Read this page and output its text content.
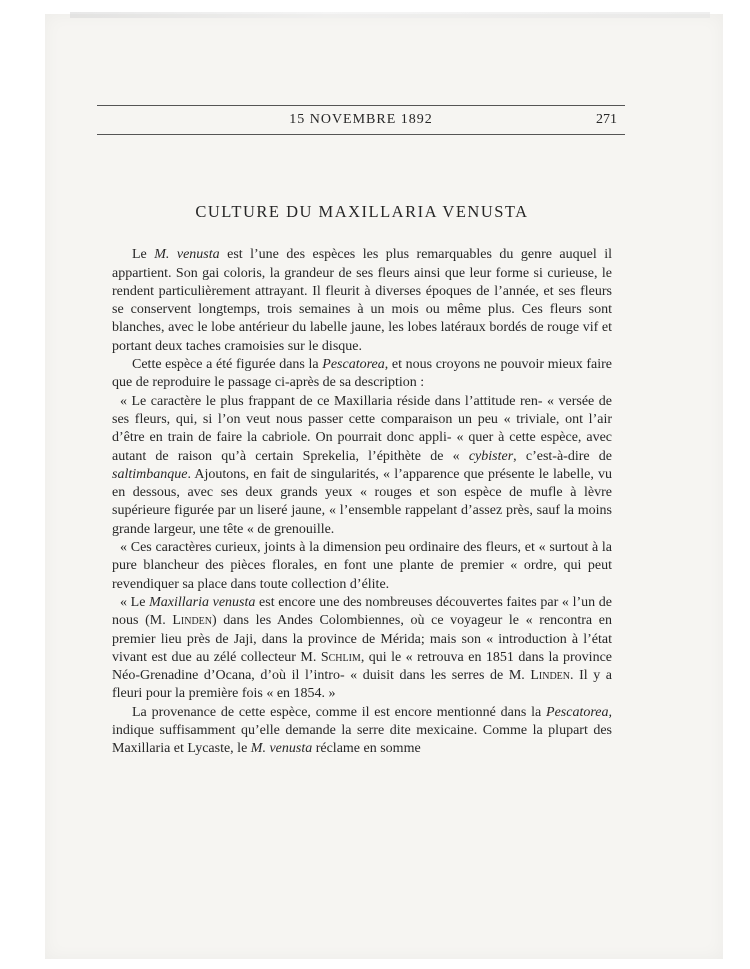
15 NOVEMBRE 1892	271
CULTURE DU MAXILLARIA VENUSTA

Le M. venusta est l’une des espèces les plus remarquables du genre auquel il appartient. Son gai coloris, la grandeur de ses fleurs ainsi que leur forme si curieuse, le rendent particulièrement attrayant. Il fleurit à diverses époques de l’année, et ses fleurs se conservent longtemps, trois semaines à un mois ou même plus. Ces fleurs sont blanches, avec le lobe antérieur du labelle jaune, les lobes latéraux bordés de rouge vif et portant deux taches cramoisies sur le disque.

Cette espèce a été figurée dans la Pescatorea, et nous croyons ne pouvoir mieux faire que de reproduire le passage ci-après de sa description :

« Le caractère le plus frappant de ce Maxillaria réside dans l’attitude ren- « versée de ses fleurs, qui, si l’on veut nous passer cette comparaison un peu « triviale, ont l’air d’être en train de faire la cabriole. On pourrait donc appli- « quer à cette espèce, avec autant de raison qu’à certain Sprekelia, l’épithète de « cybister, c’est-à-dire de saltimbanque. Ajoutons, en fait de singularités, « l’apparence que présente le labelle, vu en dessous, avec ses deux grands yeux « rouges et son espèce de mufle à lèvre supérieure figurée par un liseré jaune, « l’ensemble rappelant d’assez près, sauf la moins grande largeur, une tête « de grenouille.

« Ces caractères curieux, joints à la dimension peu ordinaire des fleurs, et « surtout à la pure blancheur des pièces florales, en font une plante de premier « ordre, qui peut revendiquer sa place dans toute collection d’élite.

« Le Maxillaria venusta est encore une des nombreuses découvertes faites par « l’un de nous (M. Linden) dans les Andes Colombiennes, où ce voyageur le « rencontra en premier lieu près de Jaji, dans la province de Mérida; mais son « introduction à l’état vivant est due au zélé collecteur M. Schlim, qui le « retrouva en 1851 dans la province Néo-Grenadine d’Ocana, d’où il l’intro- « duisit dans les serres de M. Linden. Il y a fleuri pour la première fois « en 1854. »

La provenance de cette espèce, comme il est encore mentionné dans la Pescatorea, indique suffisamment qu’elle demande la serre dite mexicaine. Comme la plupart des Maxillaria et Lycaste, le M. venusta réclame en somme
